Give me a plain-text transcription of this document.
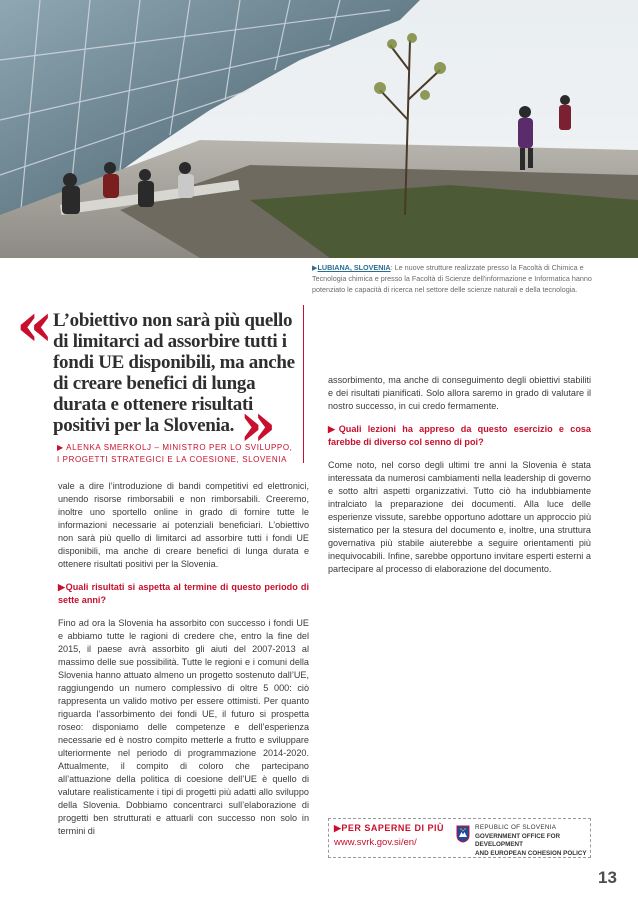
▶LUBIANA, SLOVENIA: Le nuove strutture realizzate presso la Facoltà di Chimica e Tecnologia chimica e presso la Facoltà di Scienze dell'informazione e Informatica hanno potenziato le capacità di ricerca nel settore delle scienze naturali e della tecnologia.
« L’obiettivo non sarà più quello di limitarci ad assorbire tutti i fondi UE disponibili, ma anche di creare benefici di lunga durata e ottenere risultati positivi per la Slovenia. »
▶ ALENKA SMERKOLJ – MINISTRO PER LO SVILUPPO,
I PROGETTI STRATEGICI E LA COESIONE, SLOVENIA

vale a dire l’introduzione di bandi competitivi ed elettronici, unendo risorse rimborsabili e non rimborsabili. Creeremo, inoltre uno sportello online in grado di fornire tutte le informazioni necessarie ai potenziali beneficiari. L’obiettivo non sarà più quello di limitarci ad assorbire tutti i fondi UE disponibili, ma anche di creare benefici di lunga durata e ottenere risultati positivi per la Slovenia.

▶Quali risultati si aspetta al termine di questo periodo di sette anni?

Fino ad ora la Slovenia ha assorbito con successo i fondi UE e abbiamo tutte le ragioni di credere che, entro la fine del 2015, il paese avrà assorbito gli aiuti del 2007-2013 al massimo delle sue possibilità. Tutte le regioni e i comuni della Slovenia hanno attuato almeno un progetto sostenuto dall’UE, raggiungendo un numero complessivo di oltre 5 000: ciò rappresenta un valido motivo per essere ottimisti. Per quanto riguarda l’assorbimento dei fondi UE, il futuro si prospetta roseo: disponiamo delle competenze e dell’esperienza necessarie ed è nostro compito metterle a frutto e sviluppare ulteriormente nel periodo di programmazione 2014-2020. Attualmente, il compito di coloro che partecipano all’attuazione della politica di coesione dell’UE è quello di valutare realisticamente i tipi di progetti più adatti allo sviluppo della Slovenia. Dobbiamo concentrarci sull’elaborazione di progetti ben strutturati e attuarli con successo non solo in termini di

assorbimento, ma anche di conseguimento degli obiettivi stabiliti e dei risultati pianificati. Solo allora saremo in grado di valutare il nostro successo, in cui credo fermamente.

▶Quali lezioni ha appreso da questo esercizio e cosa farebbe di diverso col senno di poi?

Come noto, nel corso degli ultimi tre anni la Slovenia è stata interessata da numerosi cambiamenti nella leadership di governo e sotto altri aspetti organizzativi. Tutto ciò ha indubbiamente intralciato la preparazione dei documenti. Alla luce delle esperienze vissute, sarebbe opportuno adottare un approccio più sistematico per la stesura del documento e, inoltre, una struttura governativa più stabile aiuterebbe a seguire orientamenti più inequivocabili. Infine, sarebbe opportuno invitare esperti esterni a partecipare al processo di elaborazione del documento.

▶PER SAPERNE DI PIÙ
www.svrk.gov.si/en/
REPUBLIC OF SLOVENIA
GOVERNMENT OFFICE FOR DEVELOPMENT
AND EUROPEAN COHESION POLICY
13
